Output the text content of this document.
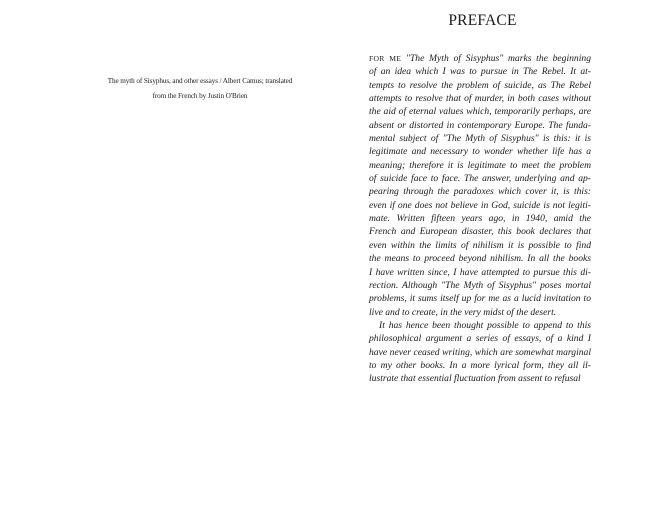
The myth of Sisyphus, and other essays / Albert Camus; translated
from the French by Justin O'Brien
PREFACE
FOR ME "The Myth of Sisyphus" marks the beginning
of an idea which I was to pursue in The Rebel. It at-
tempts to resolve the problem of suicide, as The Rebel
attempts to resolve that of murder, in both cases without
the aid of eternal values which, temporarily perhaps, are
absent or distorted in contemporary Europe. The funda-
mental subject of "The Myth of Sisyphus" is this: it is
legitimate and necessary to wonder whether life has a
meaning; therefore it is legitimate to meet the problem
of suicide face to face. The answer, underlying and ap-
pearing through the paradoxes which cover it, is this:
even if one does not believe in God, suicide is not legiti-
mate. Written fifteen years ago, in 1940, amid the
French and European disaster, this book declares that
even within the limits of nihilism it is possible to find
the means to proceed beyond nihilism. In all the books
I have written since, I have attempted to pursue this di-
rection. Although "The Myth of Sisyphus" poses mortal
problems, it sums itself up for me as a lucid invitation to
live and to create, in the very midst of the desert.
It has hence been thought possible to append to this
philosophical argument a series of essays, of a kind I
have never ceased writing, which are somewhat marginal
to my other books. In a more lyrical form, they all il-
lustrate that essential fluctuation from assent to refusal
